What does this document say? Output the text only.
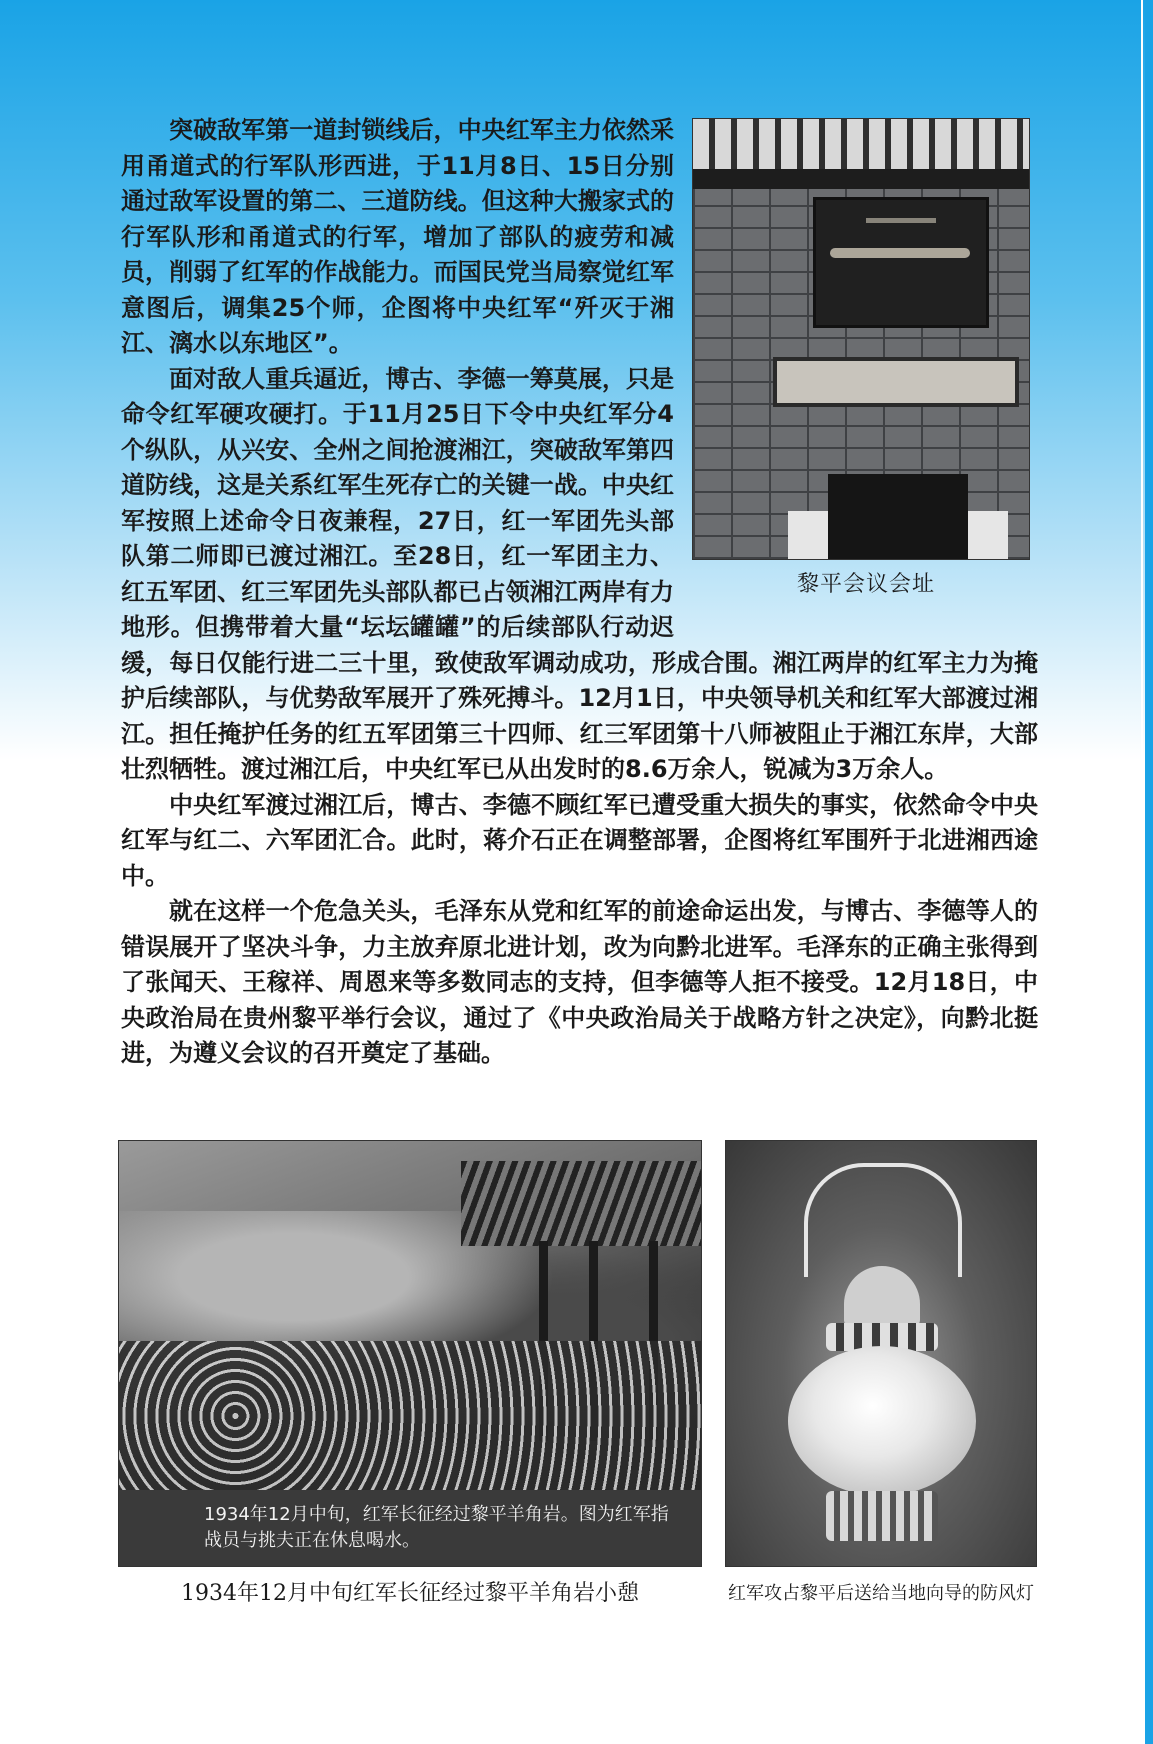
黎平会议会址

突破敌军第一道封锁线后，中央红军主力依然采用甬道式的行军队形西进，于11月8日、15日分别通过敌军设置的第二、三道防线。但这种大搬家式的行军队形和甬道式的行军，增加了部队的疲劳和减员，削弱了红军的作战能力。而国民党当局察觉红军意图后，调集25个师，企图将中央红军“歼灭于湘江、漓水以东地区”。

面对敌人重兵逼近，博古、李德一筹莫展，只是命令红军硬攻硬打。于11月25日下令中央红军分4个纵队，从兴安、全州之间抢渡湘江，突破敌军第四道防线，这是关系红军生死存亡的关键一战。中央红军按照上述命令日夜兼程，27日，红一军团先头部队第二师即已渡过湘江。至28日，红一军团主力、红五军团、红三军团先头部队都已占领湘江两岸有力地形。但携带着大量“坛坛罐罐”的后续部队行动迟缓，每日仅能行进二三十里，致使敌军调动成功，形成合围。湘江两岸的红军主力为掩护后续部队，与优势敌军展开了殊死搏斗。12月1日，中央领导机关和红军大部渡过湘江。担任掩护任务的红五军团第三十四师、红三军团第十八师被阻止于湘江东岸，大部壮烈牺牲。渡过湘江后，中央红军已从出发时的8.6万余人，锐减为3万余人。

中央红军渡过湘江后，博古、李德不顾红军已遭受重大损失的事实，依然命令中央红军与红二、六军团汇合。此时，蒋介石正在调整部署，企图将红军围歼于北进湘西途中。

就在这样一个危急关头，毛泽东从党和红军的前途命运出发，与博古、李德等人的错误展开了坚决斗争，力主放弃原北进计划，改为向黔北进军。毛泽东的正确主张得到了张闻天、王稼祥、周恩来等多数同志的支持，但李德等人拒不接受。12月18日，中央政治局在贵州黎平举行会议，通过了《中央政治局关于战略方针之决定》，向黔北挺进，为遵义会议的召开奠定了基础。

1934年12月中旬，红军长征经过黎平羊角岩。图为红军指战员与挑夫正在休息喝水。
1934年12月中旬红军长征经过黎平羊角岩小憩	红军攻占黎平后送给当地向导的防风灯
